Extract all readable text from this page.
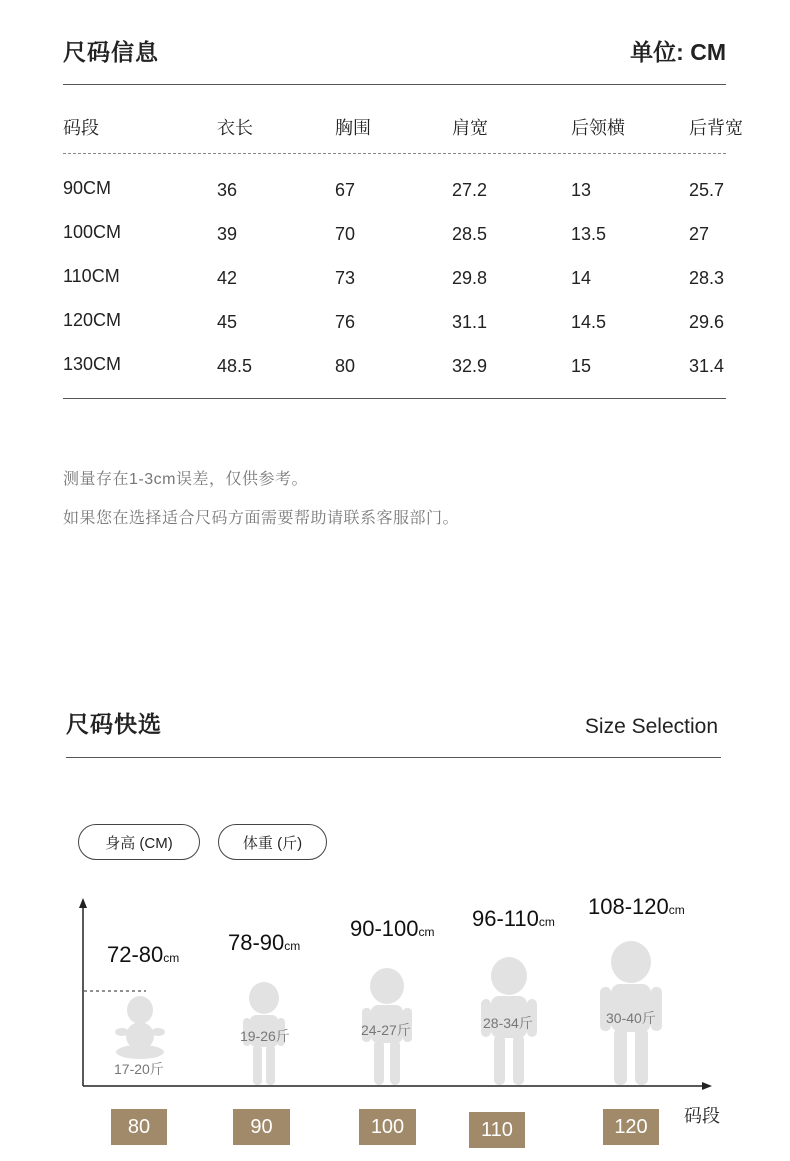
尺码信息	单位: CM
码段	衣长	胸围	肩宽	后领横	后背宽
90CM	36	67	27.2	13	25.7
100CM	39	70	28.5	13.5	27
110CM	42	73	29.8	14	28.3
120CM	45	76	31.1	14.5	29.6
130CM	48.5	80	32.9	15	31.4
测量存在1-3cm误差，仅供参考。
如果您在选择适合尺码方面需要帮助请联系客服部门。
尺码快选	Size Selection
身高 (CM)	体重 (斤)
72-80cm
78-90cm
90-100cm
96-110cm
108-120cm
17-20斤
19-26斤	24-27斤	28-34斤	30-40斤
80	90	100	110	120 码段
